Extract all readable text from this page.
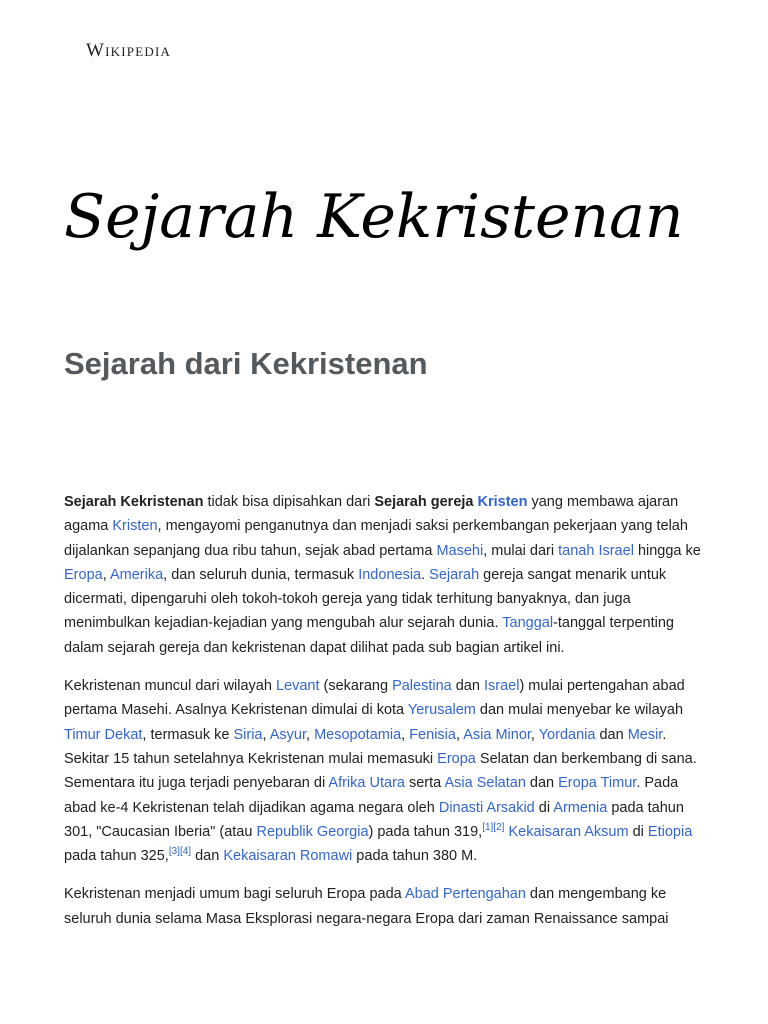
Wikipedia
Sejarah Kekristenan
Sejarah dari Kekristenan

Sejarah Kekristenan tidak bisa dipisahkan dari Sejarah gereja Kristen yang membawa ajaran agama Kristen, mengayomi penganutnya dan menjadi saksi perkembangan pekerjaan yang telah dijalankan sepanjang dua ribu tahun, sejak abad pertama Masehi, mulai dari tanah Israel hingga ke Eropa, Amerika, dan seluruh dunia, termasuk Indonesia. Sejarah gereja sangat menarik untuk dicermati, dipengaruhi oleh tokoh-tokoh gereja yang tidak terhitung banyaknya, dan juga menimbulkan kejadian-kejadian yang mengubah alur sejarah dunia. Tanggal-tanggal terpenting dalam sejarah gereja dan kekristenan dapat dilihat pada sub bagian artikel ini.

Kekristenan muncul dari wilayah Levant (sekarang Palestina dan Israel) mulai pertengahan abad pertama Masehi. Asalnya Kekristenan dimulai di kota Yerusalem dan mulai menyebar ke wilayah Timur Dekat, termasuk ke Siria, Asyur, Mesopotamia, Fenisia, Asia Minor, Yordania dan Mesir. Sekitar 15 tahun setelahnya Kekristenan mulai memasuki Eropa Selatan dan berkembang di sana. Sementara itu juga terjadi penyebaran di Afrika Utara serta Asia Selatan dan Eropa Timur. Pada abad ke-4 Kekristenan telah dijadikan agama negara oleh Dinasti Arsakid di Armenia pada tahun 301, "Caucasian Iberia" (atau Republik Georgia) pada tahun 319,[1][2] Kekaisaran Aksum di Etiopia pada tahun 325,[3][4] dan Kekaisaran Romawi pada tahun 380 M.

Kekristenan menjadi umum bagi seluruh Eropa pada Abad Pertengahan dan mengembang ke seluruh dunia selama Masa Eksplorasi negara-negara Eropa dari zaman Renaissance sampai
